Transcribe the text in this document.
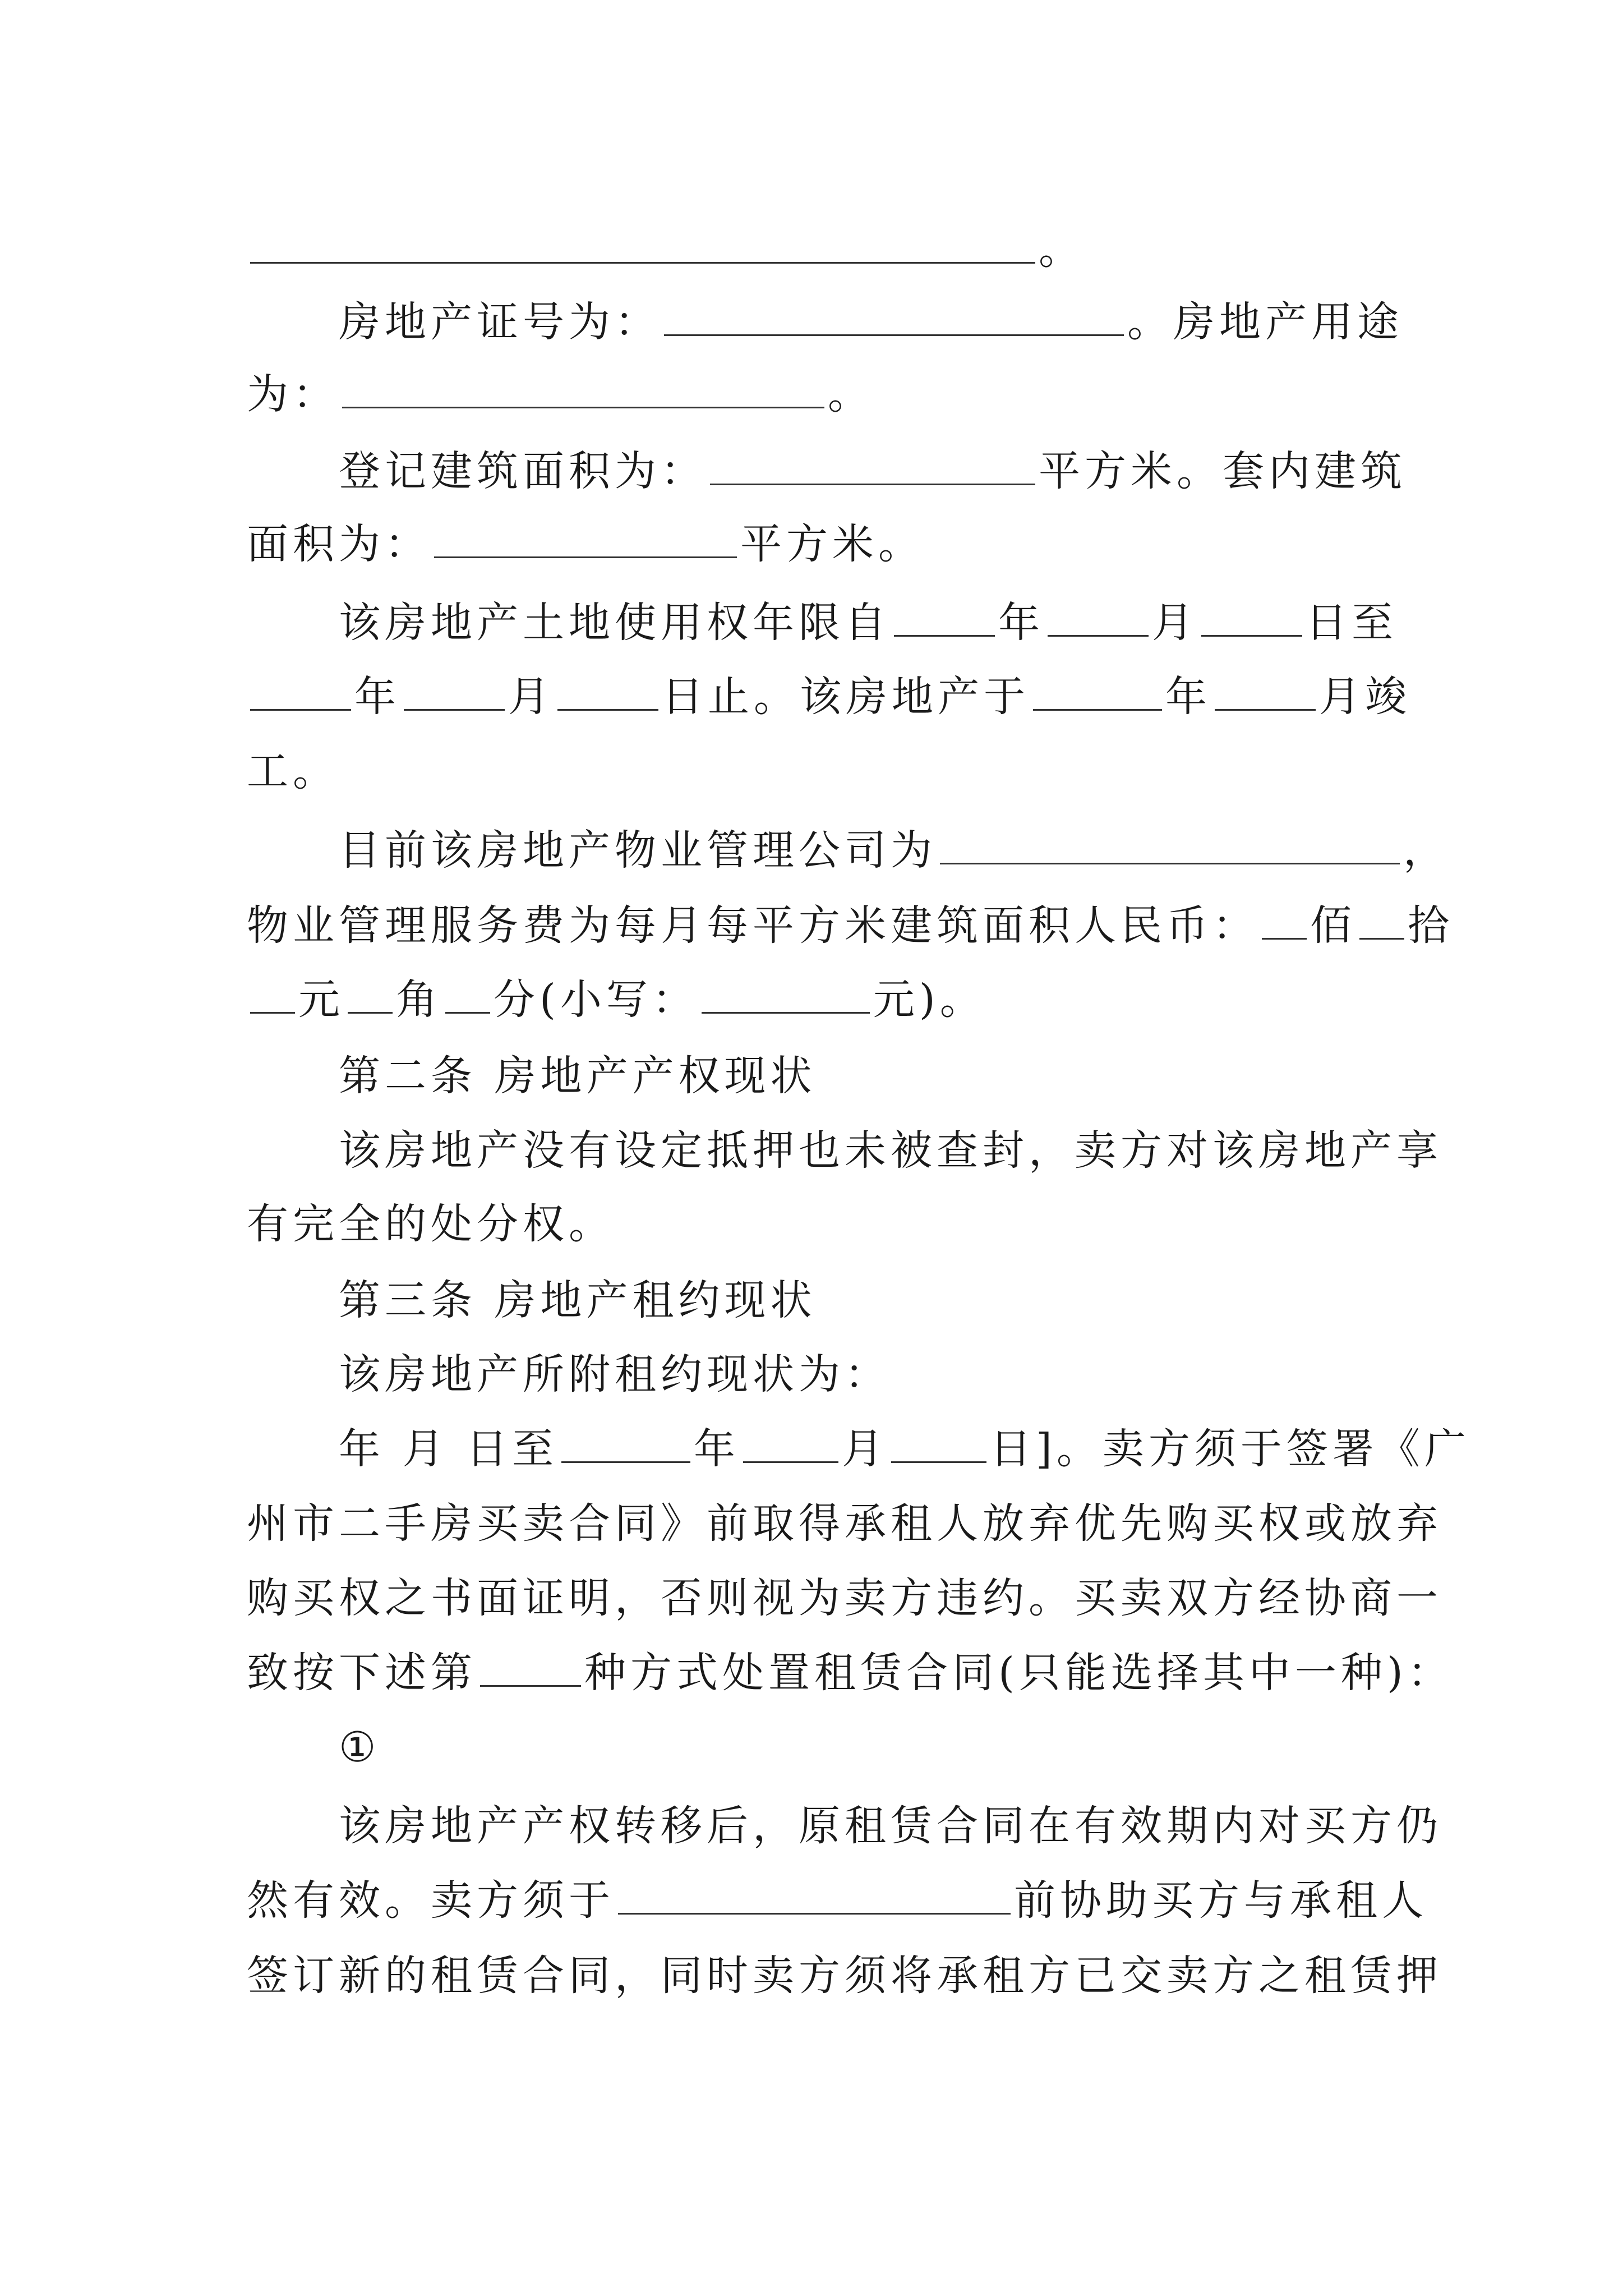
。
房地产证号为：	。房地产用途
为：	。
登记建筑面积为：	平方米。套内建筑
面积为：	平方米。
该房地产土地使用权年限自	年	月	日至
年	月	日止。该房地产于	年	月竣
工。
目前该房地产物业管理公司为	，
物业管理服务费为每月每平方米建筑面积人民币： 佰 拾
元 角 分(小写：	元)。
第二条 房地产产权现状
该房地产没有设定抵押也未被查封，卖方对该房地产享
有完全的处分权。
第三条 房地产租约现状
该房地产所附租约现状为：
年 月 日至	年 月 日]。卖方须于签署《广
州市二手房买卖合同》前取得承租人放弃优先购买权或放弃
购买权之书面证明，否则视为卖方违约。买卖双方经协商一
致按下述第	种方式处置租赁合同(只能选择其中一种)：
①
该房地产产权转移后，原租赁合同在有效期内对买方仍
然有效。卖方须于	前协助买方与承租人
签订新的租赁合同，同时卖方须将承租方已交卖方之租赁押
